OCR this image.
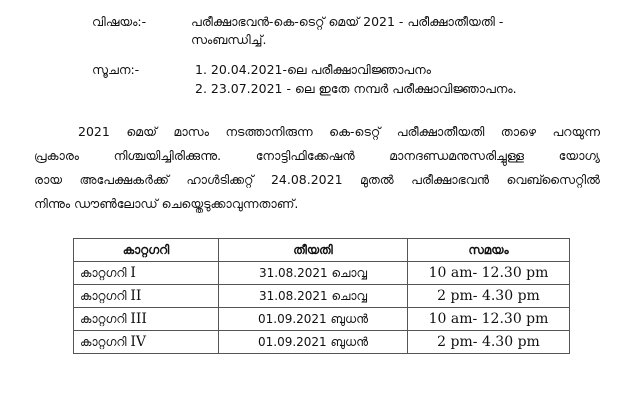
വിഷയം:-	പരീക്ഷാഭവൻ-കെ-ടെറ്റ് മെയ് 2021 - പരീക്ഷാതീയതി -
സംബന്ധിച്ച്.
സൂചന:-	1. 20.04.2021-ലെ പരീക്ഷാവിജ്ഞാപനം
2. 23.07.2021 - ലെ ഇതേ നമ്പർ പരീക്ഷാവിജ്ഞാപനം.
2021 മെയ് മാസം നടത്താനിരുന്ന കെ-ടെറ്റ് പരീക്ഷാതീയതി താഴെ പറയുന്ന
പ്രകാരം നിശ്ചയിച്ചിരിക്കുന്നു. നോട്ടിഫിക്കേഷൻ മാനദണ്ഡമനുസരിച്ചുള്ള യോഗ്യ
രായ അപേക്ഷകർക്ക് ഹാൾടിക്കറ്റ് 24.08.2021 മുതൽ പരീക്ഷാഭവൻ വെബ്സൈറ്റിൽ
നിന്നും ഡൗൺലോഡ് ചെയ്തെടുക്കാവുന്നതാണ്.
കാറ്റഗറി	തീയതി	സമയം
കാറ്റഗറി I	31.08.2021 ചൊവ്വ	10 am- 12.30 pm
കാറ്റഗറി II	31.08.2021 ചൊവ്വ	2 pm- 4.30 pm
കാറ്റഗറി III	01.09.2021 ബുധൻ	10 am- 12.30 pm
കാറ്റഗറി IV	01.09.2021 ബുധൻ	2 pm- 4.30 pm
